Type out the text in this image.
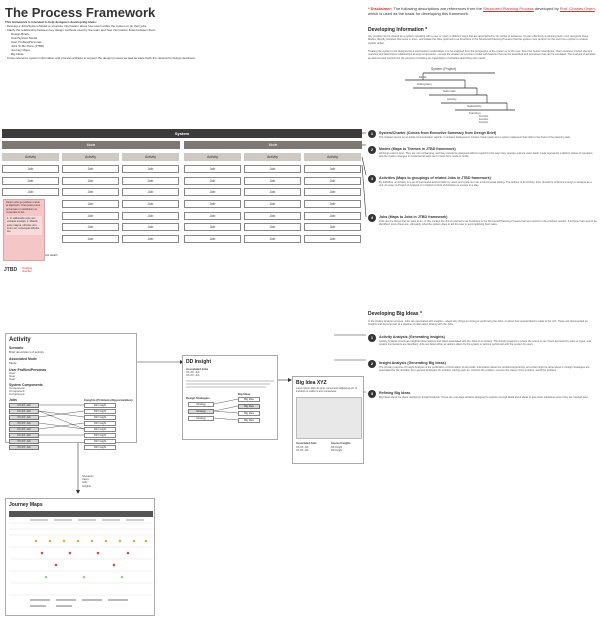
The Process Framework
This framework is intended to help designers develop Big Ideas:
- Develop a Jobs/System Model to structure information about how users utilize the system to do their jobs.
- Clarify the relationship between key design methods used by the team and how information flows between them:
Design Briefs,
User/System Model
User Profiles/Personas
Jobs To Be Done (JTBD)
Journey Maps
Big Ideas
- Cross-reference system information and process artifacts to support the design process as well as trace back the rational for design decisions.
* Disclaimer: The following descriptions are references from the Structured Planning Process developed by Prof. Charles Owen, which is used as the basis for developing this framework.
Developing Information *
Any product can be viewed as a system operating with a user or users in different ways that are approached by its modes of existence. To plan effectively a planning team must recognize these Modes, identify Activities that occur in them, and isolate the Jobs (referred to as Functions in the Structured Planning Process) that the system must perform for the user from opinion to a latent stylistic action.
Treating the system to be designed as a user/system model allows it to be analyzed from the perspective of the system or of the user. From the System standpoint, Owen reviewer product element overview and determines relationships among components – except the creation of a system model with features that can be described and processes that can be simulated. The analysis of activities as actions-used contexts for the purpose of building an organization of activities describing user needs.
System (Project)
Mode
Subsystem
Submode
Activity
Subactivity
Function
Function
Function
Function
System
Mode	Mode
Activity	Activity	Activity	Activity	Activity	Activity
Job	Job	Job	Job	Job	Job
Job	Job	Job	Job	Job	Job
Job	Job	Job	Job	Job	Job
Job	Job	Job	Job	Job
Job	Job	Job	Job	Job
Job	Job	Job	Job	Job
Job	Job	Job	Job	Job
Diners who go pretium metus at dignissim. Cras justo purus, accumsan ut vestibulum at, venenatis et leo.
1. In sollicitudin ante nec volutpat suscipit. 2. Mauris justo magna, ultricies non enim vel, consequat lobortis leo.
JTBD
Job Health
Tracking Number
1	System/Charter (Comes from Executive Summary from Design Brief)
The Charter serves as an initial communication vehicle. It contains background, context, basic goals and a system statement that calls to the heart of the planning task.
2	Modes (Maps to Themes in JTBD framework)
All things exist in time. They are not unchanging, and they cannot be designed without regard for the ways they operate and are used. Each mode represents a distinct phase of operation, and the system changes in fundamental ways as it moves from mode to mode.
3	Activities (Maps to groupings of related Jobs in JTBD framework)
By definition, an Activity is a set of purposeful actions taken by users and systems in an environmental setting. The actions of an Activity, thus, should be coherent enough to analyze as a unit. As a key to Project of Analysis, it is helpful to think of Activities as scenes in a play.
4	Jobs (Maps to Jobs in JTBD framework)
Jobs are the things that we want to do. In this context the Job is referred to as Functions in the Structured Planning Process that we mention in the previous section. It is these that need to be identified, since these are, ultimately, what the system does to aid the user in accomplishing their tasks.
Developing Big Ideas *
In the Activity Analysis process, Jobs are associated with insights – about why things go wrong or performing the Jobs, or about how special factors relate to the Job. These are documented as Insights and become part of a pipeline of information flowing with the Jobs.
1	Activity Analysis (Generating Insights)
Activity Analysis structures insightful observations and ideas associated with the Jobs of an Activity. The Activity Analysis is where the scene is set. Users are listed by roles or types, and system components are identified. Jobs are listed either as actions taken by the system or actions performed with the system by users.
2	Insight Analysis (Generating Big Ideas)
The primary purpose of Insight Analysis is the purification of information of two kinds: information about the problem/opportunity, and what might be done about it. Design Strategies are speculated for the situation from general strategies for problem solving such as: confront the problem, remove the cause of the problem, avoid the problem.
3	Refining Big Ideas
Big Ideas about the ideas resided on Insight Analysis. These are one-page artifacts designed to capture enough detail about ideas to give them substance when they are needed later.
Activity
Scenario
Brief description of activity
Associated Mode
Mode
User Profiles/Personas
User
User
User
System Components
Component
Component
Component
Jobs	Insights (Problems/Opportunities)
XX-XX: Job
XX-XX: Job
XX-XX: Job
XX-XX: Job
XX-XX: Job
XX-XX: Job
XX-XX: Job
XX-XX: Job
DD Insight
DD Insight
DD Insight
DD Insight
DD Insight
DD Insight
DD Insight
DD Insight
DD Insight
Associated Jobs
XX-XX: Job
XX-XX: Job
Design Strategies
Big Ideas
Strategy
Strategy
Strategy
Big Idea
Big Idea
Big Idea
Big Idea
Big Idea XYZ
Lorem ipsum dolor sit amet, consectetur adipiscing elit. Ut tincidunt mi mollis mi arcu consectetur.
Associated Jobs	Source Insights
XX-XX: Job
XX-XX: Job
DD Insight
DD Insight
Scenarios
Users
Jobs
Insights
Journey Maps
